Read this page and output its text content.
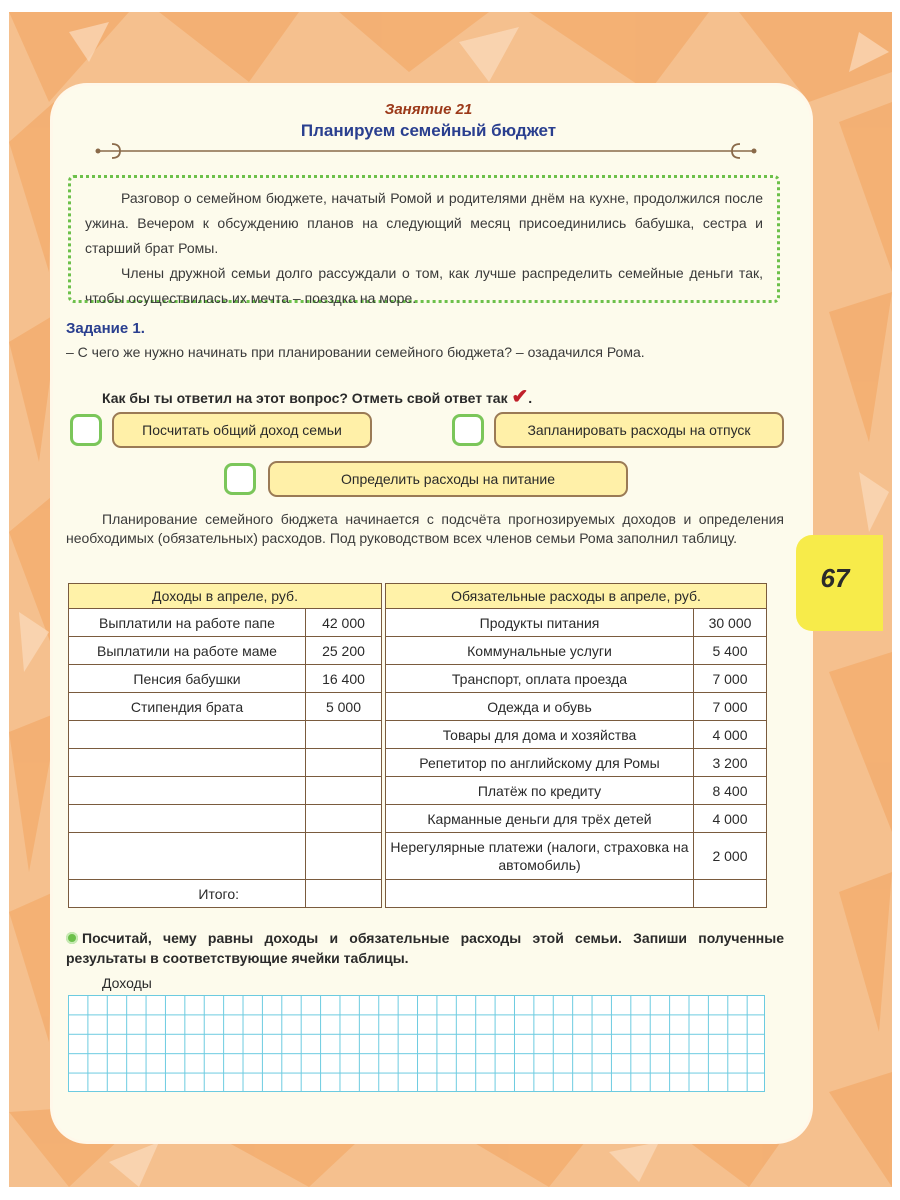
Занятие 21
Планируем семейный бюджет

Разговор о семейном бюджете, начатый Ромой и родителями днём на кухне, продолжился после ужина. Вечером к обсуждению планов на следующий месяц присоединились бабушка, сестра и старший брат Ромы.

Члены дружной семьи долго рассуждали о том, как лучше распределить семейные деньги так, чтобы осуществилась их мечта – поездка на море.

Задание 1.
– С чего же нужно начинать при планировании семейного бюджета? – озадачился Рома.
Как бы ты ответил на этот вопрос? Отметь свой ответ так ✔.
Посчитать общий доход семьи	Запланировать расходы на отпуск
Определить расходы на питание
Планирование семейного бюджета начинается с подсчёта прогнозируемых доходов и определения необходимых (обязательных) расходов. Под руководством всех членов семьи Рома заполнил таблицу.
67
Доходы в апреле, руб.			Обязательные расходы в апреле, руб.	
Выплатили на работе папе	42 000		Продукты питания	30 000
Выплатили на работе маме	25 200		Коммунальные услуги	5 400
Пенсия бабушки	16 400		Транспорт, оплата проезда	7 000
Стипендия брата	5 000		Одежда и обувь	7 000
			Товары для дома и хозяйства	4 000
			Репетитор по английскому для Ромы	3 200
			Платёж по кредиту	8 400
			Карманные деньги для трёх детей	4 000
			Нерегулярные платежи (налоги, страховка на автомобиль)	2 000
Итого:				
Посчитай, чему равны доходы и обязательные расходы этой семьи. Запиши полученные результаты в соответствующие ячейки таблицы.
Доходы
